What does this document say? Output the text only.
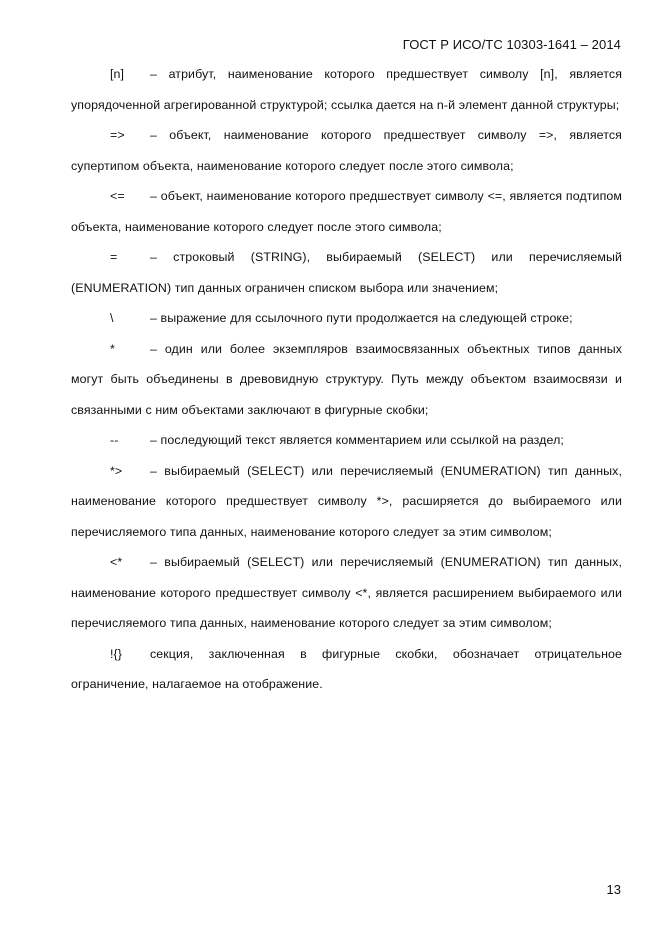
ГОСТ Р ИСО/ТС 10303-1641 – 2014

[n] – атрибут, наименование которого предшествует символу [n], является упорядоченной агрегированной структурой; ссылка дается на n-й элемент данной структуры;

=> – объект, наименование которого предшествует символу =>, является супертипом объекта, наименование которого следует после этого символа;

<= – объект, наименование которого предшествует символу <=, является подтипом объекта, наименование которого следует после этого символа;

=	– строковый (STRING), выбираемый (SELECT) или перечисляемый (ENUMERATION) тип данных ограничен списком выбора или значением;

\	– выражение для ссылочного пути продолжается на следующей строке;

*	– один или более экземпляров взаимосвязанных объектных типов данных могут быть объединены в древовидную структуру. Путь между объектом взаимосвязи и связанными с ним объектами заключают в фигурные скобки;

--	– последующий текст является комментарием или ссылкой на раздел;

*> – выбираемый (SELECT) или перечисляемый (ENUMERATION) тип данных, наименование которого предшествует символу *>, расширяется до выбираемого или перечисляемого типа данных, наименование которого следует за этим символом;

<* – выбираемый (SELECT) или перечисляемый (ENUMERATION) тип данных, наименование которого предшествует символу <*, является расширением выбираемого или перечисляемого типа данных, наименование которого следует за этим символом;

!{} секция, заключенная в фигурные скобки, обозначает отрицательное ограничение, налагаемое на отображение.

13
